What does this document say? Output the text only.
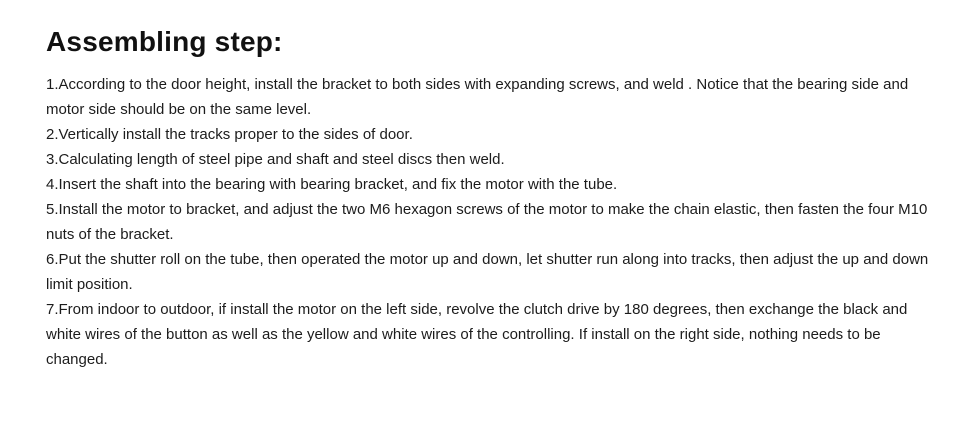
Assembling step:
1.According to the door height, install the bracket to both sides with expanding screws, and weld . Notice that the bearing side and motor side should be on the same level.
2.Vertically install the tracks proper to the sides of door.
3.Calculating length of steel pipe and shaft and steel discs then weld.
4.Insert the shaft into the bearing with bearing bracket, and fix the motor with the tube.
5.Install the motor to bracket, and adjust the two M6 hexagon screws of the motor to make the chain elastic, then fasten the four M10 nuts of the bracket.
6.Put the shutter roll on the tube, then operated the motor up and down, let shutter run along into tracks, then adjust the up and down limit position.
7.From indoor to outdoor, if install the motor on the left side, revolve the clutch drive by 180 degrees, then exchange the black and white wires of the button as well as the yellow and white wires of the controlling. If install on the right side, nothing needs to be changed.
